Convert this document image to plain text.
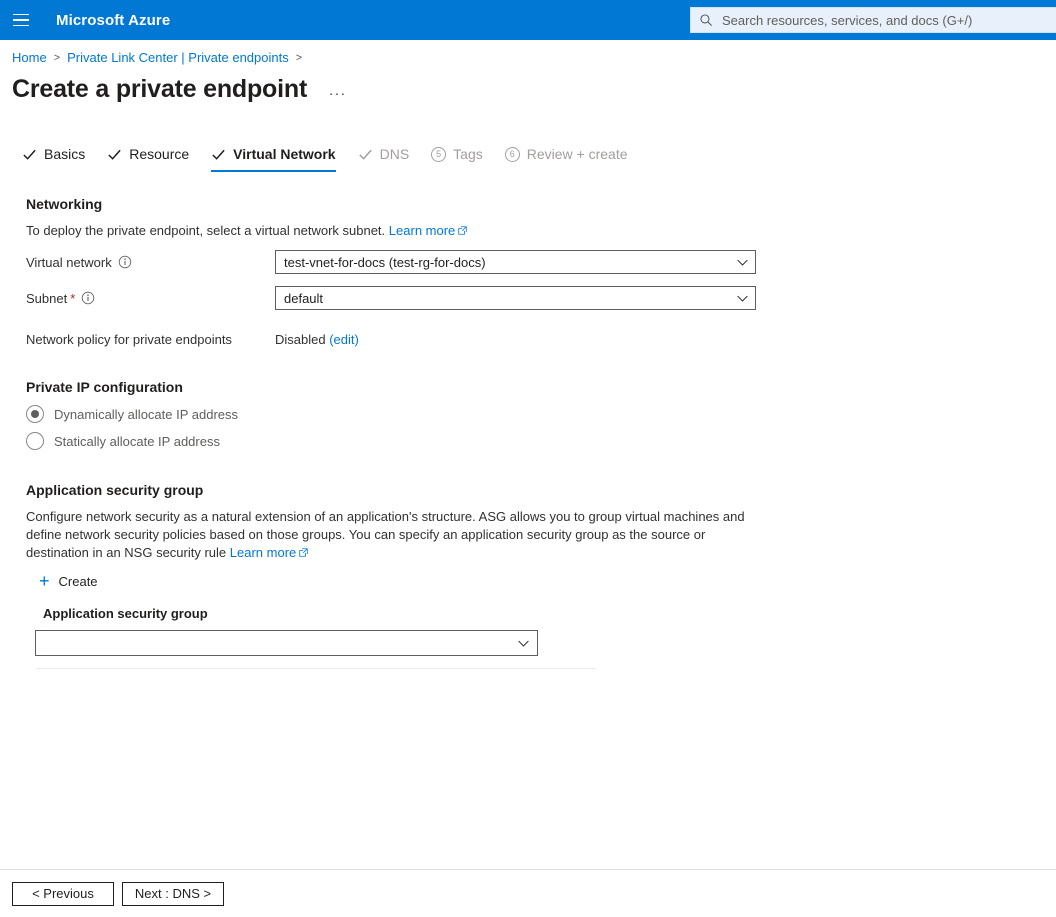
Microsoft Azure
Search resources, services, and docs (G+/)
Home > Private Link Center | Private endpoints >
Create a private endpoint ...
Basics	Resource	Virtual Network	DNS	5 Tags	6 Review + create
Networking
To deploy the private endpoint, select a virtual network subnet. Learn more
Virtual network	test-vnet-for-docs (test-rg-for-docs)
Subnet *	default
Network policy for private endpoints	Disabled (edit)
Private IP configuration
Dynamically allocate IP address
Statically allocate IP address
Application security group
Configure network security as a natural extension of an application's structure. ASG allows you to group virtual machines and define network security policies based on those groups. You can specify an application security group as the source or destination in an NSG security rule Learn more
+ Create
Application security group
< Previous	Next : DNS >
